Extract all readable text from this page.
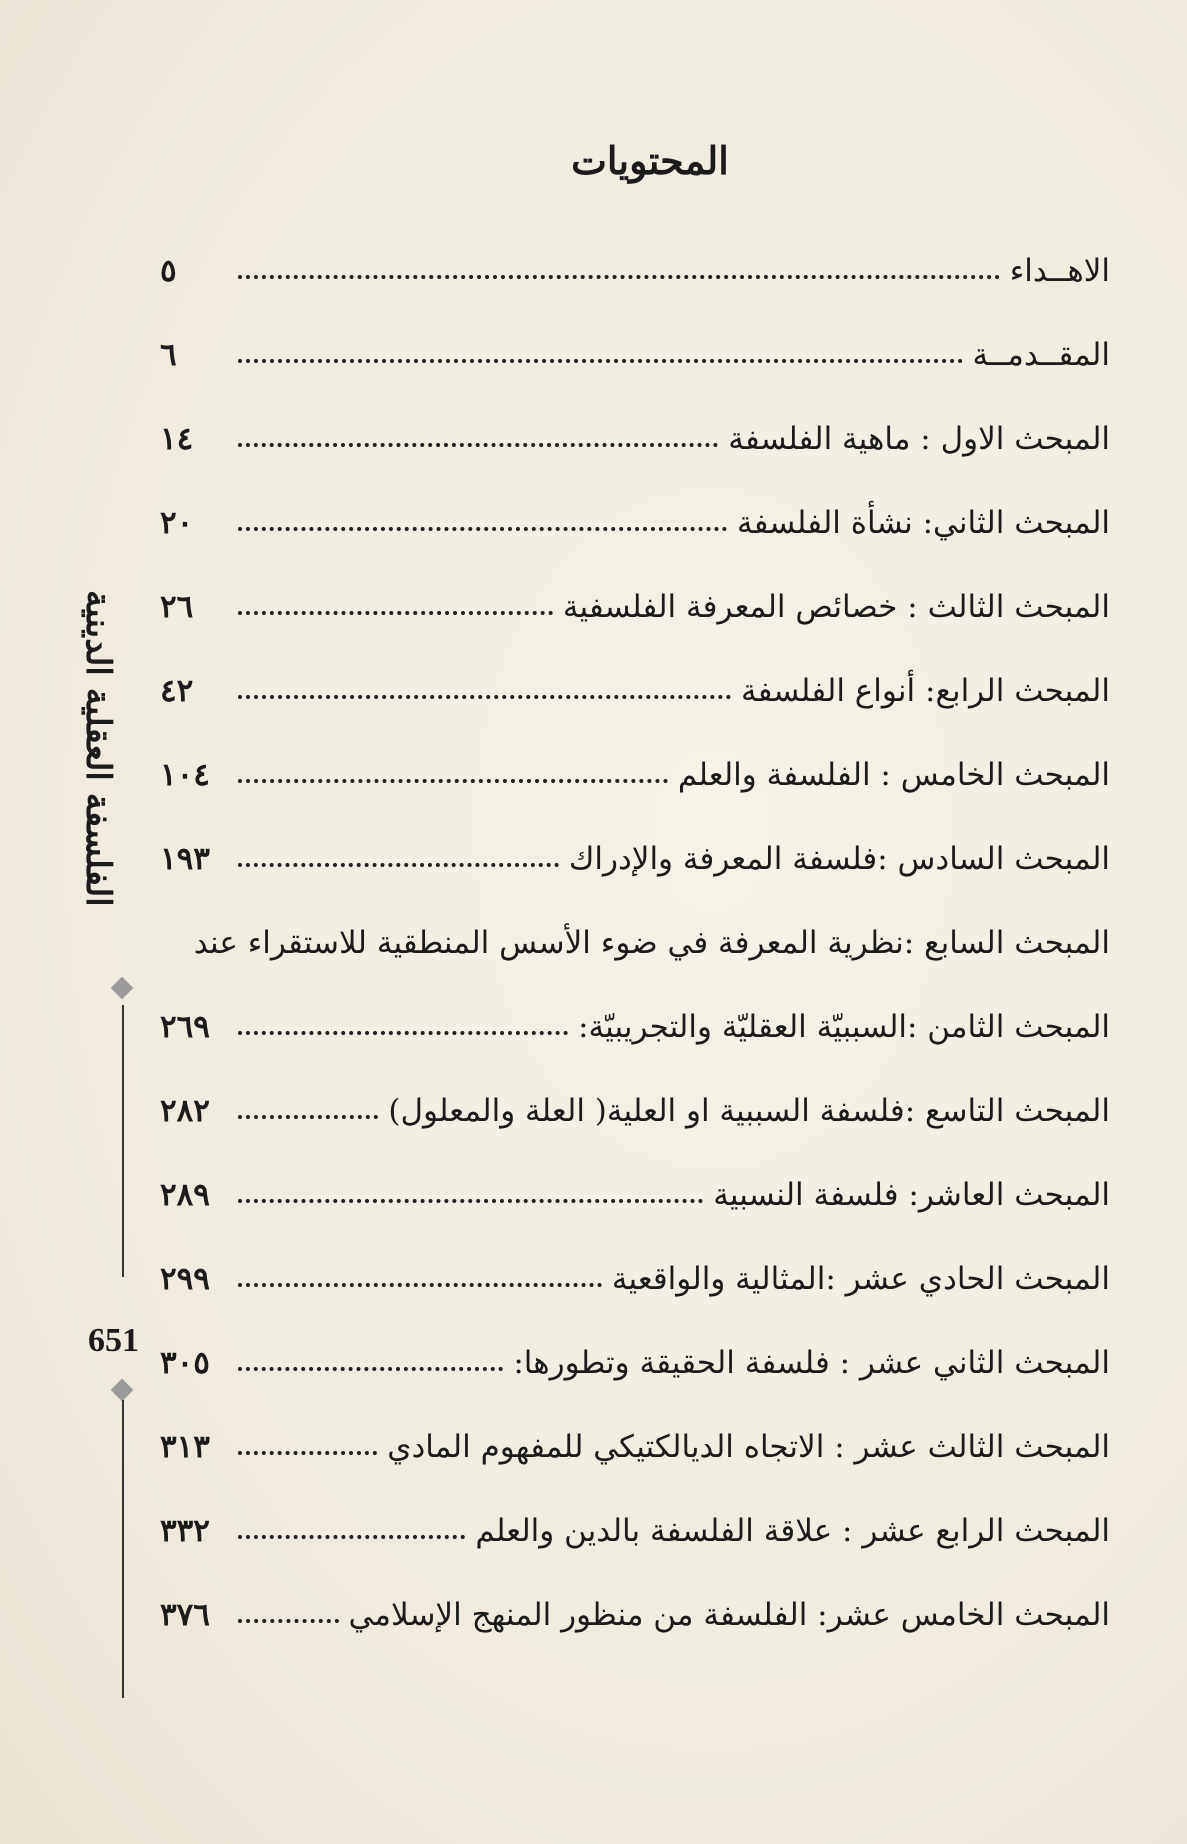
المحتويات
الاهــداء
٥
المقــدمــة
٦
المبحث الاول : ماهية الفلسفة
١٤
المبحث الثاني: نشأة الفلسفة
٢٠
المبحث الثالث : خصائص المعرفة الفلسفية
٢٦
المبحث الرابع: أنواع الفلسفة
٤٢
المبحث الخامس : الفلسفة والعلم
١٠٤
المبحث السادس :فلسفة المعرفة والإدراك
١٩٣
المبحث السابع :نظرية المعرفة في ضوء الأسس المنطقية للاستقراء عند
المبحث الثامن :السببيّة العقليّة والتجريبيّة:
٢٦٩
المبحث التاسع :فلسفة السببية او العلية( العلة والمعلول)
٢٨٢
المبحث العاشر: فلسفة النسبية
٢٨٩
المبحث الحادي عشر :المثالية والواقعية
٢٩٩
المبحث الثاني عشر : فلسفة الحقيقة وتطورها:
٣٠٥
المبحث الثالث عشر : الاتجاه الديالكتيكي للمفهوم المادي
٣١٣
المبحث الرابع عشر : علاقة الفلسفة بالدين والعلم
٣٣٢
المبحث الخامس عشر: الفلسفة من منظور المنهج الإسلامي
٣٧٦
الفلسفة العقلية الدينية
651
